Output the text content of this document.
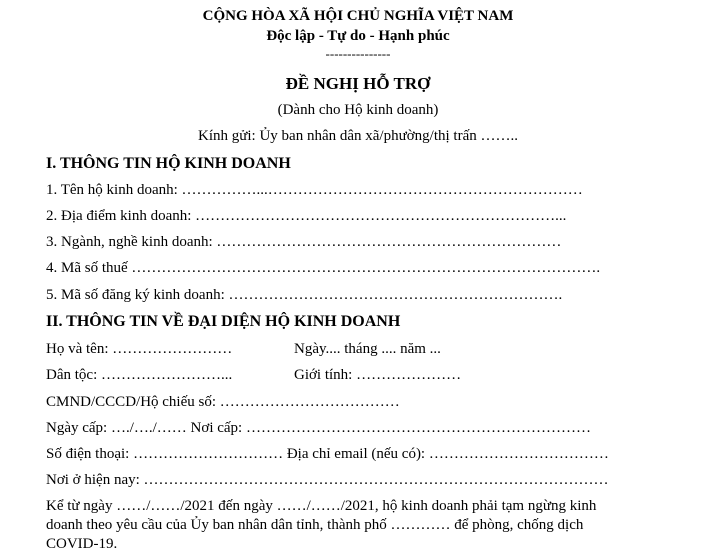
CỘNG HÒA XÃ HỘI CHỦ NGHĨA VIỆT NAM
Độc lập - Tự do - Hạnh phúc
---------------
ĐỀ NGHỊ HỖ TRỢ
(Dành cho Hộ kinh doanh)
Kính gửi: Ủy ban nhân dân xã/phường/thị trấn ……..
I. THÔNG TIN HỘ KINH DOANH
1. Tên hộ kinh doanh: ……………...………………………………………………………
2. Địa điểm kinh doanh: ………………………………………………………………...
3. Ngành, nghề kinh doanh: ……………………………………………………………
4. Mã số thuế ………………………………………………………………………………….
5. Mã số đăng ký kinh doanh: ………………………………………………………….
II. THÔNG TIN VỀ ĐẠI DIỆN HỘ KINH DOANH
Họ và tên: ……………………	Ngày.... tháng .... năm ...
Dân tộc: ……………………...	Giới tính: …………………
CMND/CCCD/Hộ chiếu số: ………………………………
Ngày cấp: …./…./…… Nơi cấp: ……………………………………………………………
Số điện thoại: ………………………… Địa chỉ email (nếu có): ………………………………
Nơi ở hiện nay: …………………………………………………………………………………
Kể từ ngày ……/……/2021 đến ngày ……/……/2021, hộ kinh doanh phải tạm ngừng kinh
doanh theo yêu cầu của Ủy ban nhân dân tỉnh, thành phố ………… để phòng, chống dịch
COVID-19.
